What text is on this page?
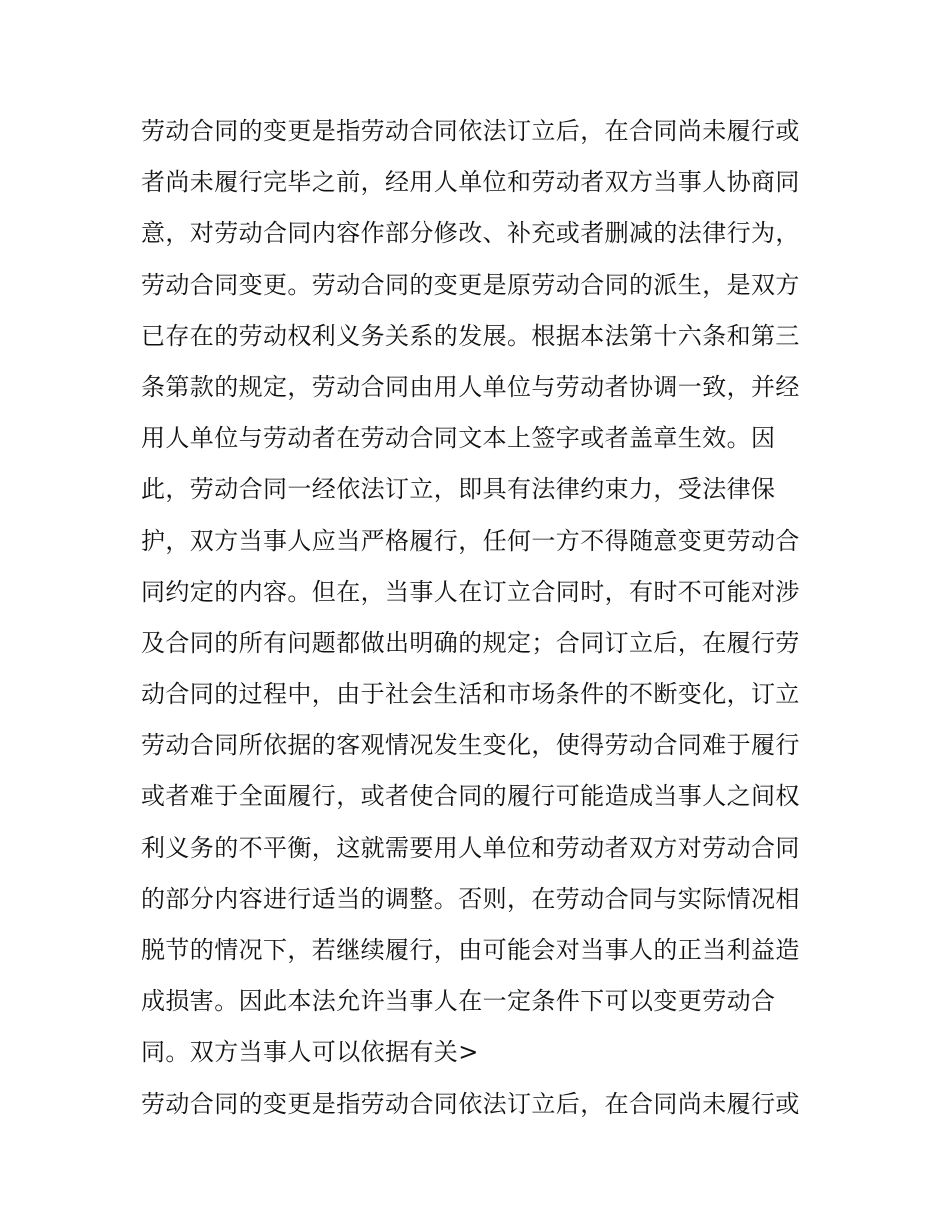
劳动合同的变更是指劳动合同依法订立后，在合同尚未履行或
者尚未履行完毕之前，经用人单位和劳动者双方当事人协商同
意，对劳动合同内容作部分修改、补充或者删减的法律行为，
劳动合同变更。劳动合同的变更是原劳动合同的派生，是双方
已存在的劳动权利义务关系的发展。根据本法第十六条和第三
条第款的规定，劳动合同由用人单位与劳动者协调一致，并经
用人单位与劳动者在劳动合同文本上签字或者盖章生效。因
此，劳动合同一经依法订立，即具有法律约束力，受法律保
护，双方当事人应当严格履行，任何一方不得随意变更劳动合
同约定的内容。但在，当事人在订立合同时，有时不可能对涉
及合同的所有问题都做出明确的规定；合同订立后，在履行劳
动合同的过程中，由于社会生活和市场条件的不断变化，订立
劳动合同所依据的客观情况发生变化，使得劳动合同难于履行
或者难于全面履行，或者使合同的履行可能造成当事人之间权
利义务的不平衡，这就需要用人单位和劳动者双方对劳动合同
的部分内容进行适当的调整。否则，在劳动合同与实际情况相
脱节的情况下，若继续履行，由可能会对当事人的正当利益造
成损害。因此本法允许当事人在一定条件下可以变更劳动合
同。双方当事人可以依据有关>
劳动合同的变更是指劳动合同依法订立后，在合同尚未履行或
